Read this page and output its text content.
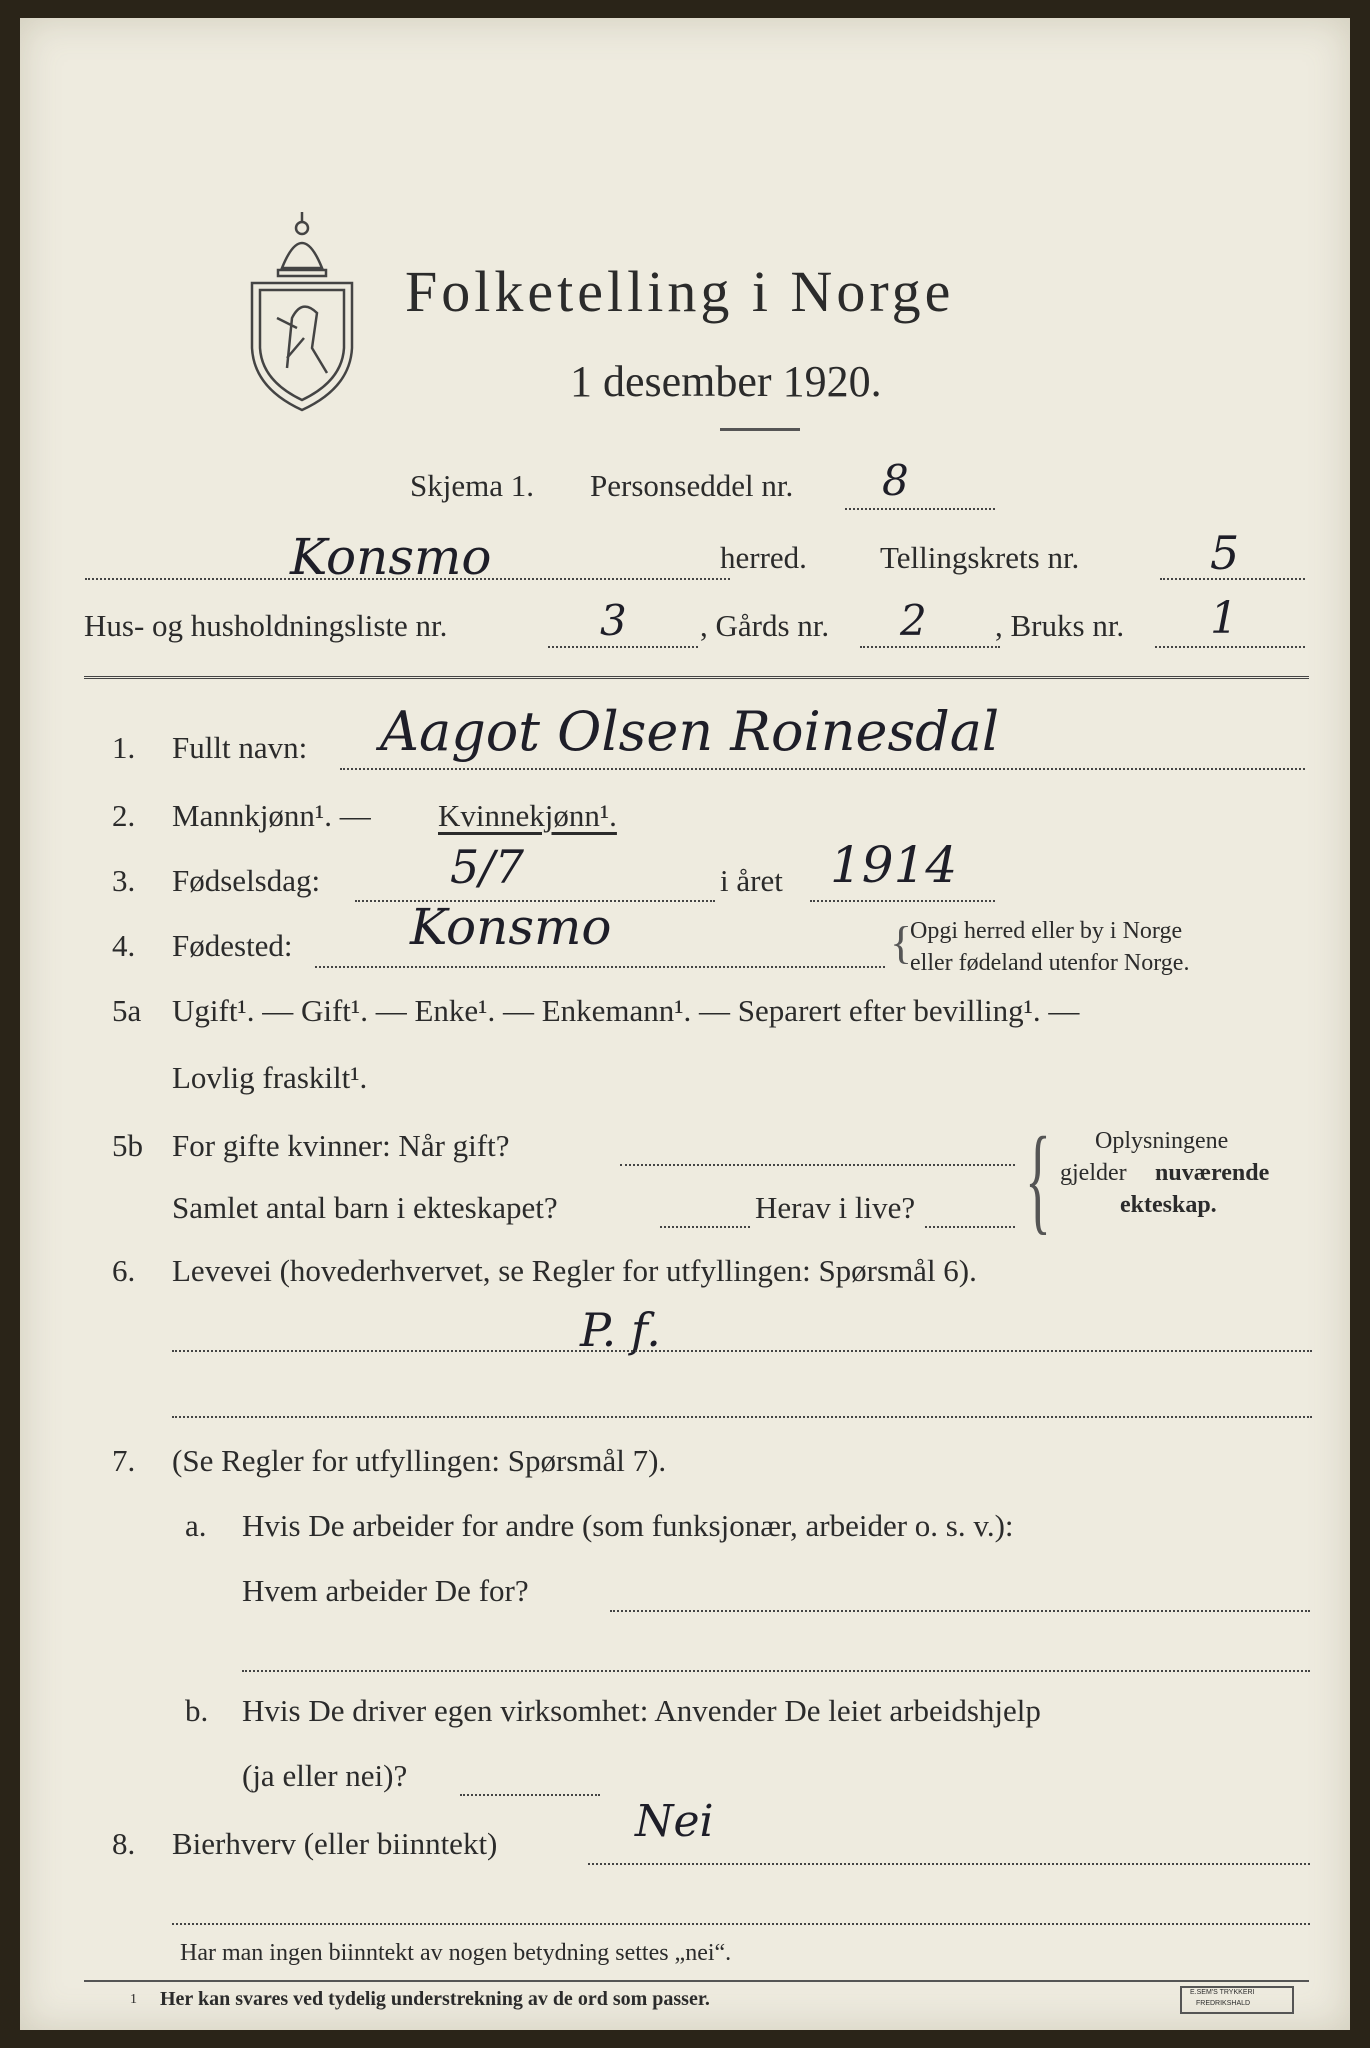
Folketelling i Norge
1 desember 1920.
Skjema 1. Personseddel nr. 8
Konsmo	herred. Tellingskrets nr.	5
Hus- og husholdningsliste nr.	3 , Gårds nr. 2 , Bruks nr. 1
1. Fullt navn: Aagot Olsen Roinesdal
2. Mannkjønn¹. — Kvinnekjønn¹.
3. Fødselsdag:	5/7	i året 1914
4. Fødested: Konsmo	{
Opgi herred eller by i Norge
eller fødeland utenfor Norge.
5a Ugift¹. — Gift¹. — Enke¹. — Enkemann¹. — Separert efter bevilling¹. —
Lovlig fraskilt¹.
5b For gifte kvinner: Når gift?
Samlet antal barn i ekteskapet?	Herav i live? { Oplysningene
gjelder nuværende
ekteskap.
6. Levevei (hovederhvervet, se Regler for utfyllingen: Spørsmål 6).
P. f.
7. (Se Regler for utfyllingen: Spørsmål 7).
a. Hvis De arbeider for andre (som funksjonær, arbeider o. s. v.):
Hvem arbeider De for?
b. Hvis De driver egen virksomhet: Anvender De leiet arbeidshjelp
(ja eller nei)?
8. Bierhverv (eller biinntekt)	Nei
Har man ingen biinntekt av nogen betydning settes „nei“.
1 Her kan svares ved tydelig understrekning av de ord som passer.	E.SEM'S TRYKKERI
FREDRIKSHALD
